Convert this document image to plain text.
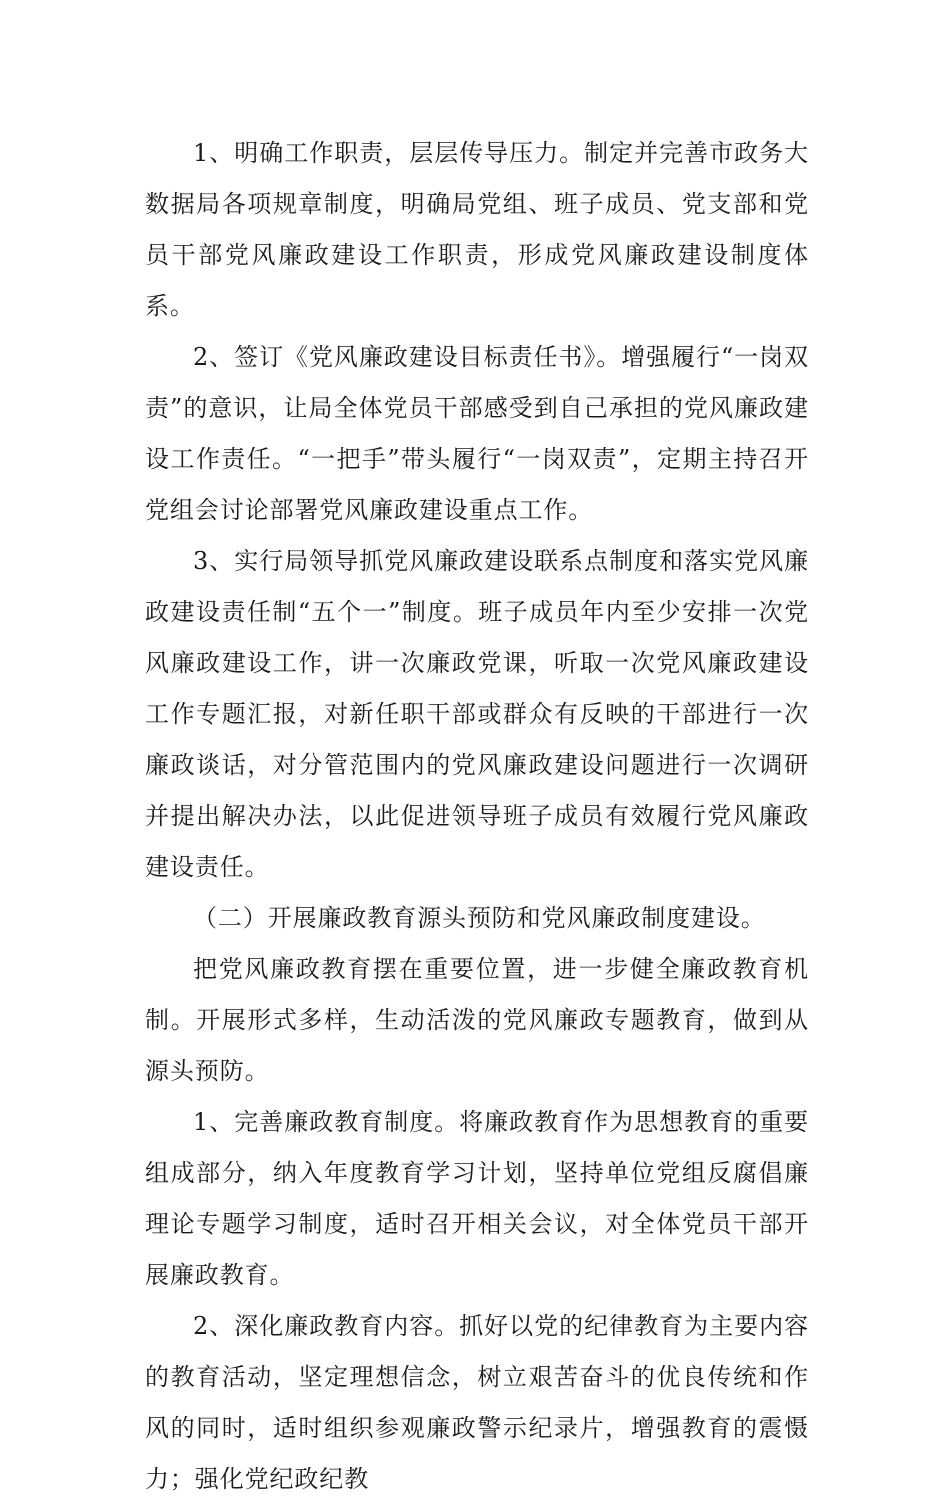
1、明确工作职责，层层传导压力。制定并完善市政务大数据局各项规章制度，明确局党组、班子成员、党支部和党员干部党风廉政建设工作职责，形成党风廉政建设制度体系。

2、签订《党风廉政建设目标责任书》。增强履行“一岗双责”的意识，让局全体党员干部感受到自己承担的党风廉政建设工作责任。“一把手”带头履行“一岗双责”，定期主持召开党组会讨论部署党风廉政建设重点工作。

3、实行局领导抓党风廉政建设联系点制度和落实党风廉政建设责任制“五个一”制度。班子成员年内至少安排一次党风廉政建设工作，讲一次廉政党课，听取一次党风廉政建设工作专题汇报，对新任职干部或群众有反映的干部进行一次廉政谈话，对分管范围内的党风廉政建设问题进行一次调研并提出解决办法，以此促进领导班子成员有效履行党风廉政建设责任。

（二）开展廉政教育源头预防和党风廉政制度建设。

把党风廉政教育摆在重要位置，进一步健全廉政教育机制。开展形式多样，生动活泼的党风廉政专题教育，做到从源头预防。

1、完善廉政教育制度。将廉政教育作为思想教育的重要组成部分，纳入年度教育学习计划，坚持单位党组反腐倡廉理论专题学习制度，适时召开相关会议，对全体党员干部开展廉政教育。

2、深化廉政教育内容。抓好以党的纪律教育为主要内容的教育活动，坚定理想信念，树立艰苦奋斗的优良传统和作风的同时，适时组织参观廉政警示纪录片，增强教育的震慑力；强化党纪政纪教
